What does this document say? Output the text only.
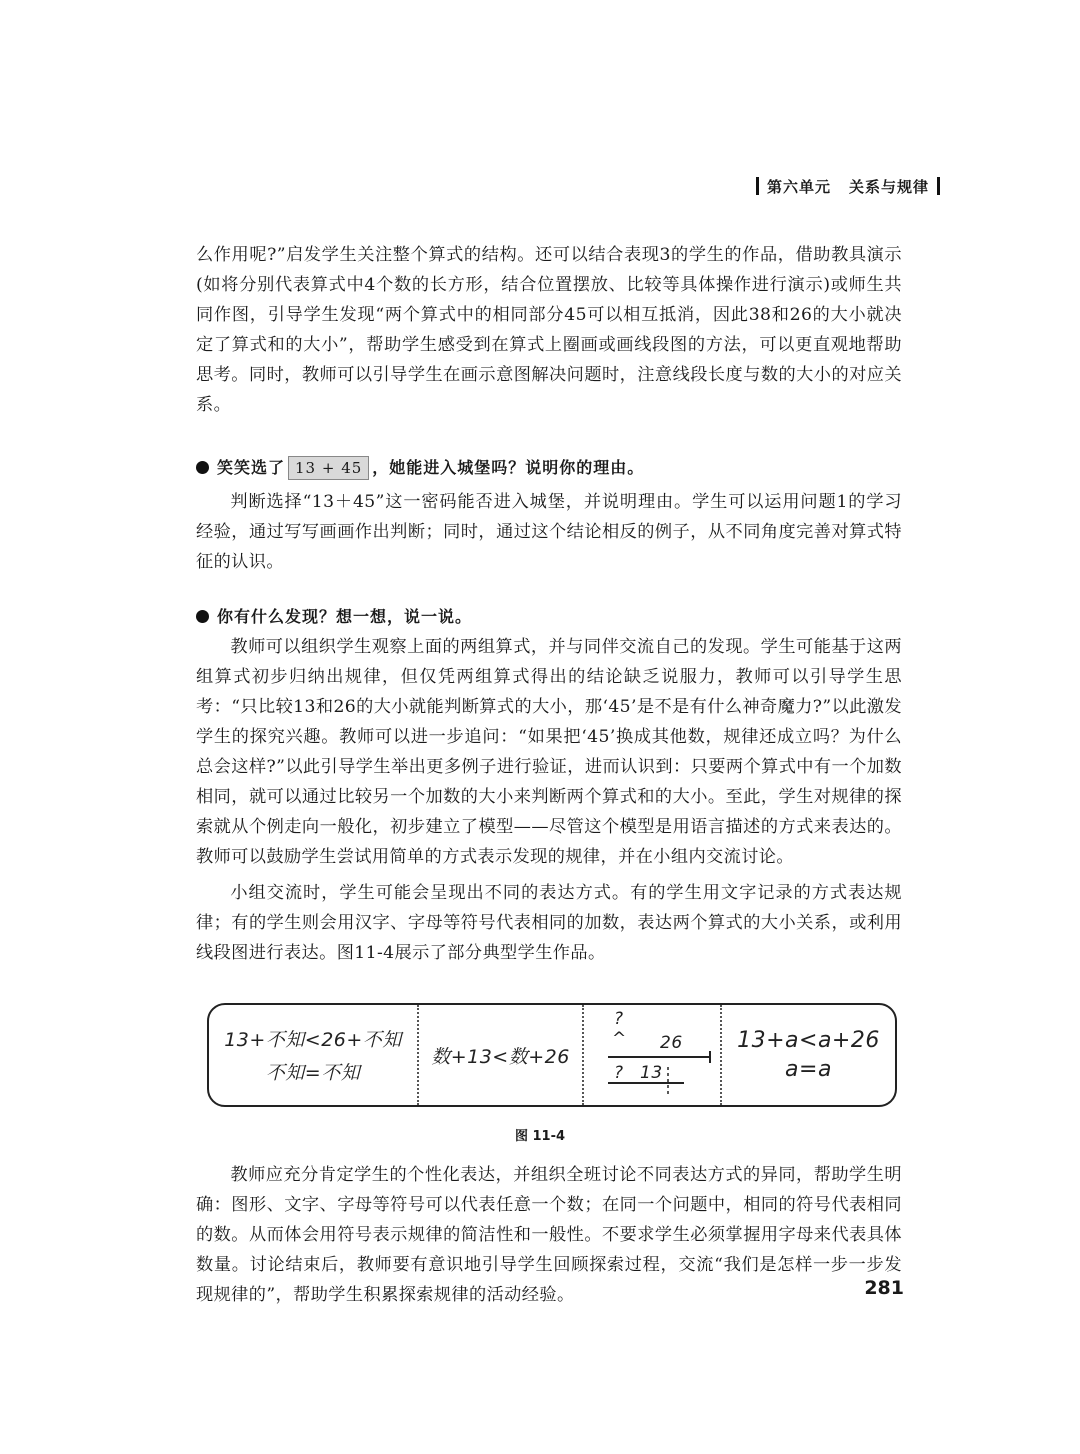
第六单元 关系与规律

么作用呢?”启发学生关注整个算式的结构。还可以结合表现3的学生的作品，借助教具演示(如将分别代表算式中4个数的长方形，结合位置摆放、比较等具体操作进行演示)或师生共同作图，引导学生发现“两个算式中的相同部分45可以相互抵消，因此38和26的大小就决定了算式和的大小”，帮助学生感受到在算式上圈画或画线段图的方法，可以更直观地帮助思考。同时，教师可以引导学生在画示意图解决问题时，注意线段长度与数的大小的对应关系。

笑笑选了 13 + 45 ，她能进入城堡吗？说明你的理由。

判断选择“13＋45”这一密码能否进入城堡，并说明理由。学生可以运用问题1的学习经验，通过写写画画作出判断；同时，通过这个结论相反的例子，从不同角度完善对算式特征的认识。

你有什么发现？想一想，说一说。

教师可以组织学生观察上面的两组算式，并与同伴交流自己的发现。学生可能基于这两组算式初步归纳出规律，但仅凭两组算式得出的结论缺乏说服力，教师可以引导学生思考：“只比较13和26的大小就能判断算式的大小，那‘45’是不是有什么神奇魔力?”以此激发学生的探究兴趣。教师可以进一步追问：“如果把‘45’换成其他数，规律还成立吗？为什么总会这样?”以此引导学生举出更多例子进行验证，进而认识到：只要两个算式中有一个加数相同，就可以通过比较另一个加数的大小来判断两个算式和的大小。至此，学生对规律的探索就从个例走向一般化，初步建立了模型——尽管这个模型是用语言描述的方式来表达的。教师可以鼓励学生尝试用简单的方式表示发现的规律，并在小组内交流讨论。

小组交流时，学生可能会呈现出不同的表达方式。有的学生用文字记录的方式表达规律；有的学生则会用汉字、字母等符号代表相同的加数，表达两个算式的大小关系，或利用线段图进行表达。图11-4展示了部分典型学生作品。

13+不知<26+不知
不知=不知
数+13<数+26
?
^ 26
? 13
13+a<a+26
a=a
图 11-4

教师应充分肯定学生的个性化表达，并组织全班讨论不同表达方式的异同，帮助学生明确：图形、文字、字母等符号可以代表任意一个数；在同一个问题中，相同的符号代表相同的数。从而体会用符号表示规律的简洁性和一般性。不要求学生必须掌握用字母来代表具体数量。讨论结束后，教师要有意识地引导学生回顾探索过程，交流“我们是怎样一步一步发现规律的”，帮助学生积累探索规律的活动经验。	281
